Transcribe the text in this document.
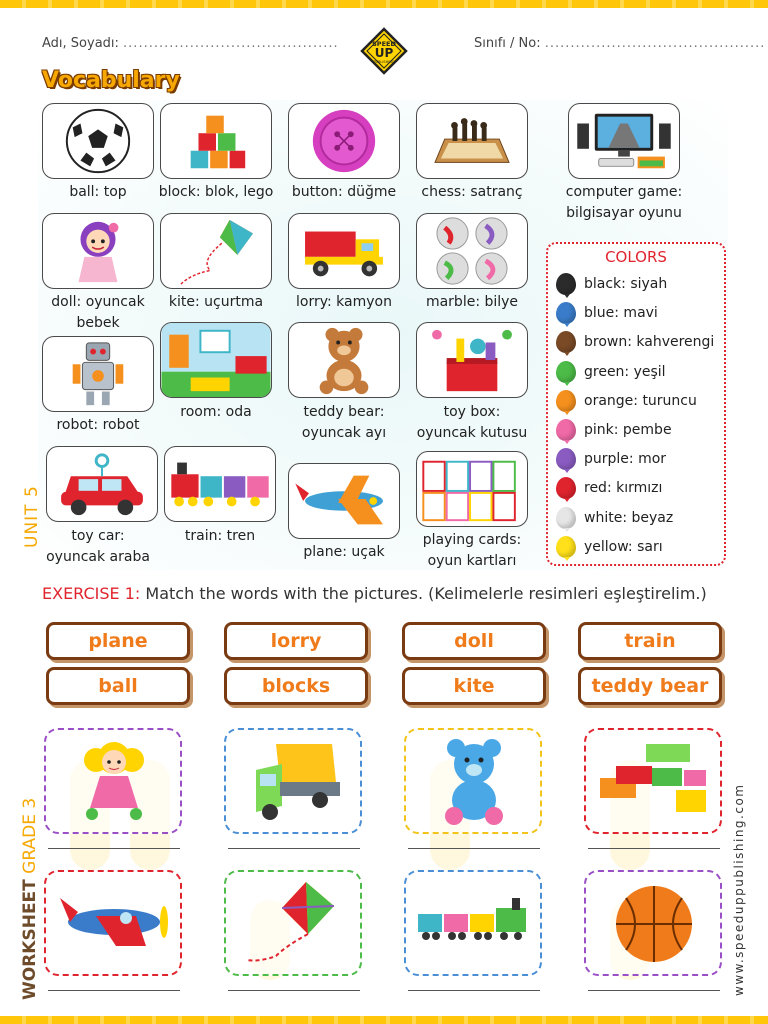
Adı, Soyadı: ..........................................	Sınıfı / No: ...........................................
SPEED
UP
PUBLISHING
Vocabulary
ball: top	block: blok, lego	button: düğme	chess: satranç	computer game:
bilgisayar oyunu
doll: oyuncak
bebek
kite: uçurtma	lorry: kamyon	marble: bilye
robot: robot
room: oda	teddy bear:
oyuncak ayı
toy box:
oyuncak kutusu
toy car:
oyuncak araba
train: tren
plane: uçak
playing cards:
oyun kartları
COLORS
black: siyah
blue: mavi
brown: kahverengi
green: yeşil
orange: turuncu
pink: pembe
purple: mor
red: kırmızı
white: beyaz
yellow: sarı
UNIT 5
WORKSHEET GRADE 3	www.speeduppublishing.com
EXERCISE 1: Match the words with the pictures. (Kelimelerle resimleri eşleştirelim.)
plane	lorry	doll	train
ball	blocks	kite	teddy bear
